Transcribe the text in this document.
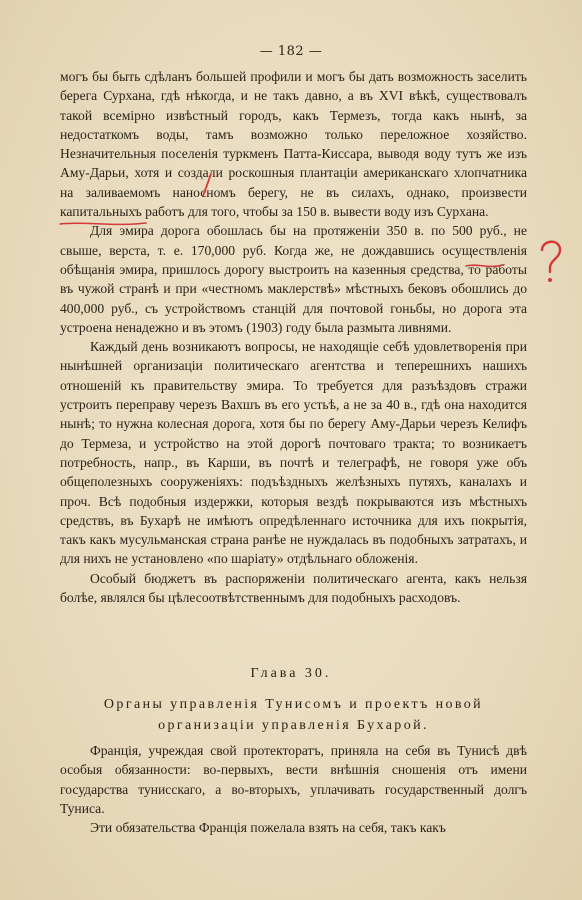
— 182 —

могъ бы быть сдѣланъ большей профили и могъ бы дать возможность заселить берега Сурхана, гдѣ нѣкогда, и не такъ давно, а въ XVI вѣкѣ, существовалъ такой всемірно извѣстный городъ, какъ Термезъ, тогда какъ нынѣ, за недостаткомъ воды, тамъ возможно только переложное хозяйство. Незначительныя поселенія туркменъ Патта-Киссара, выводя воду тутъ же изъ Аму-Дарьи, хотя и создали роскошныя плантаціи американскаго хлопчатника на заливаемомъ наносномъ берегу, не въ силахъ, однако, произвести капитальныхъ работъ для того, чтобы за 150 в. вывести воду изъ Сурхана.

Для эмира дорога обошлась бы на протяженіи 350 в. по 500 руб., не свыше, верста, т. е. 170,000 руб. Когда же, не дождавшись осуществленія обѣщанія эмира, пришлось дорогу выстроить на казенныя средства, то работы въ чужой странѣ и при «честномъ маклерствѣ» мѣстныхъ бековъ обошлись до 400,000 руб., съ устройствомъ станцій для почтовой гоньбы, но дорога эта устроена ненадежно и въ этомъ (1903) году была размыта ливнями.

Каждый день возникаютъ вопросы, не находящіе себѣ удовлетворенія при нынѣшней организаціи политическаго агентства и теперешнихъ нашихъ отношеній къ правительству эмира. То требуется для разъѣздовъ стражи устроить переправу черезъ Вахшъ въ его устьѣ, а не за 40 в., гдѣ она находится нынѣ; то нужна колесная дорога, хотя бы по берегу Аму-Дарьи черезъ Келифъ до Термеза, и устройство на этой дорогѣ почтоваго тракта; то возникаетъ потребность, напр., въ Карши, въ почтѣ и телеграфѣ, не говоря уже объ общеполезныхъ сооруженіяхъ: подъѣздныхъ желѣзныхъ путяхъ, каналахъ и проч. Всѣ подобныя издержки, которыя вездѣ покрываются изъ мѣстныхъ средствъ, въ Бухарѣ не имѣютъ опредѣленнаго источника для ихъ покрытія, такъ какъ мусульманская страна ранѣе не нуждалась въ подобныхъ затратахъ, и для нихъ не установлено «по шаріату» отдѣльнаго обложенія.

Особый бюджетъ въ распоряженіи политическаго агента, какъ нельзя болѣе, являлся бы цѣлесоотвѣтственнымъ для подобныхъ расходовъ.

Глава 30.
Органы управленія Тунисомъ и проектъ новой организаціи управленія Бухарой.

Франція, учреждая свой протекторатъ, приняла на себя въ Тунисѣ двѣ особыя обязанности: во-первыхъ, вести внѣшнія сношенія отъ имени государства тунисскаго, а во-вторыхъ, уплачивать государственный долгъ Туниса.

Эти обязательства Франція пожелала взять на себя, такъ какъ
